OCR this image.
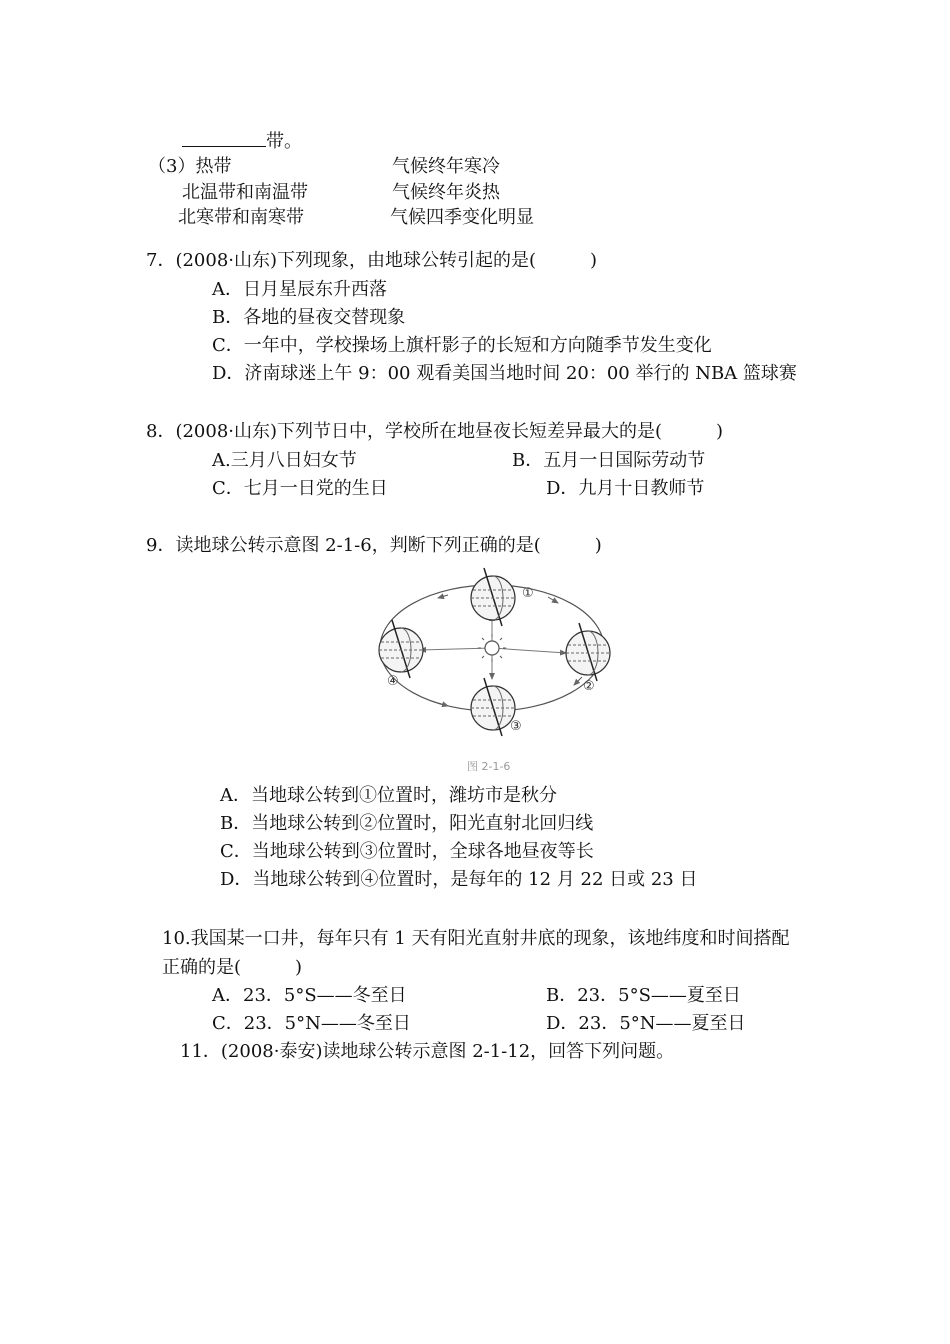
带。
（3）热带	气候终年寒冷
北温带和南温带	气候终年炎热
北寒带和南寒带	气候四季变化明显
7．(2008·山东)下列现象，由地球公转引起的是(　　　)
A．日月星辰东升西落
B．各地的昼夜交替现象
C．一年中，学校操场上旗杆影子的长短和方向随季节发生变化
D．济南球迷上午 9：00 观看美国当地时间 20：00 举行的 NBA 篮球赛
8．(2008·山东)下列节日中，学校所在地昼夜长短差异最大的是(　　　)
A.三月八日妇女节	B．五月一日国际劳动节
C．七月一日党的生日	D．九月十日教师节
9．读地球公转示意图 2-1-6，判断下列正确的是(　　　)
①
②
③
④
图 2-1-6
A．当地球公转到①位置时，潍坊市是秋分
B．当地球公转到②位置时，阳光直射北回归线
C．当地球公转到③位置时，全球各地昼夜等长
D．当地球公转到④位置时，是每年的 12 月 22 日或 23 日
10.我国某一口井，每年只有 1 天有阳光直射井底的现象，该地纬度和时间搭配
正确的是(　　　)
A．23．5°S——冬至日	B．23．5°S——夏至日
C．23．5°N——冬至日	D．23．5°N——夏至日
11．(2008·泰安)读地球公转示意图 2-1-12，回答下列问题。
